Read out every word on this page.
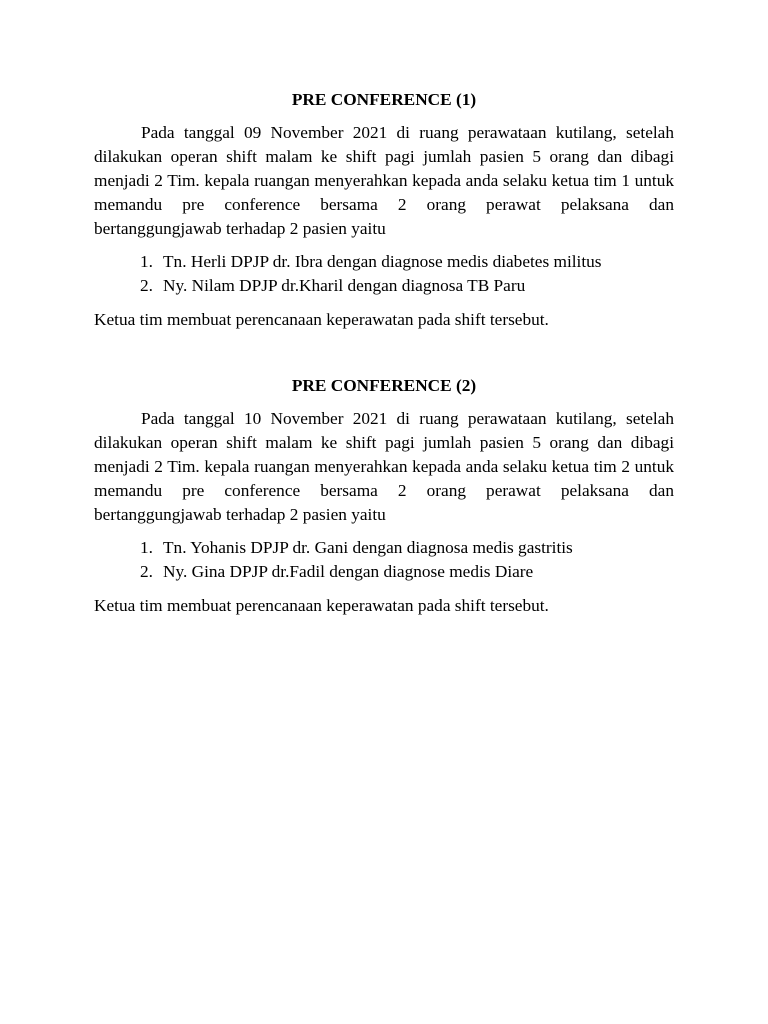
PRE CONFERENCE (1)

Pada tanggal 09 November 2021 di ruang perawataan kutilang, setelah dilakukan operan shift malam ke shift pagi jumlah pasien 5 orang dan dibagi menjadi 2 Tim. kepala ruangan menyerahkan kepada anda selaku ketua tim 1 untuk memandu pre conference bersama 2 orang perawat pelaksana dan bertanggungjawab terhadap 2 pasien yaitu

1. Tn. Herli DPJP dr. Ibra dengan diagnose medis diabetes militus
2. Ny. Nilam DPJP dr.Kharil dengan diagnosa TB Paru

Ketua tim membuat perencanaan keperawatan pada shift tersebut.

PRE CONFERENCE (2)

Pada tanggal 10 November 2021 di ruang perawataan kutilang, setelah dilakukan operan shift malam ke shift pagi jumlah pasien 5 orang dan dibagi menjadi 2 Tim. kepala ruangan menyerahkan kepada anda selaku ketua tim 2 untuk memandu pre conference bersama 2 orang perawat pelaksana dan bertanggungjawab terhadap 2 pasien yaitu

1. Tn. Yohanis DPJP dr. Gani dengan diagnosa medis gastritis
2. Ny. Gina DPJP dr.Fadil dengan diagnose medis Diare

Ketua tim membuat perencanaan keperawatan pada shift tersebut.
